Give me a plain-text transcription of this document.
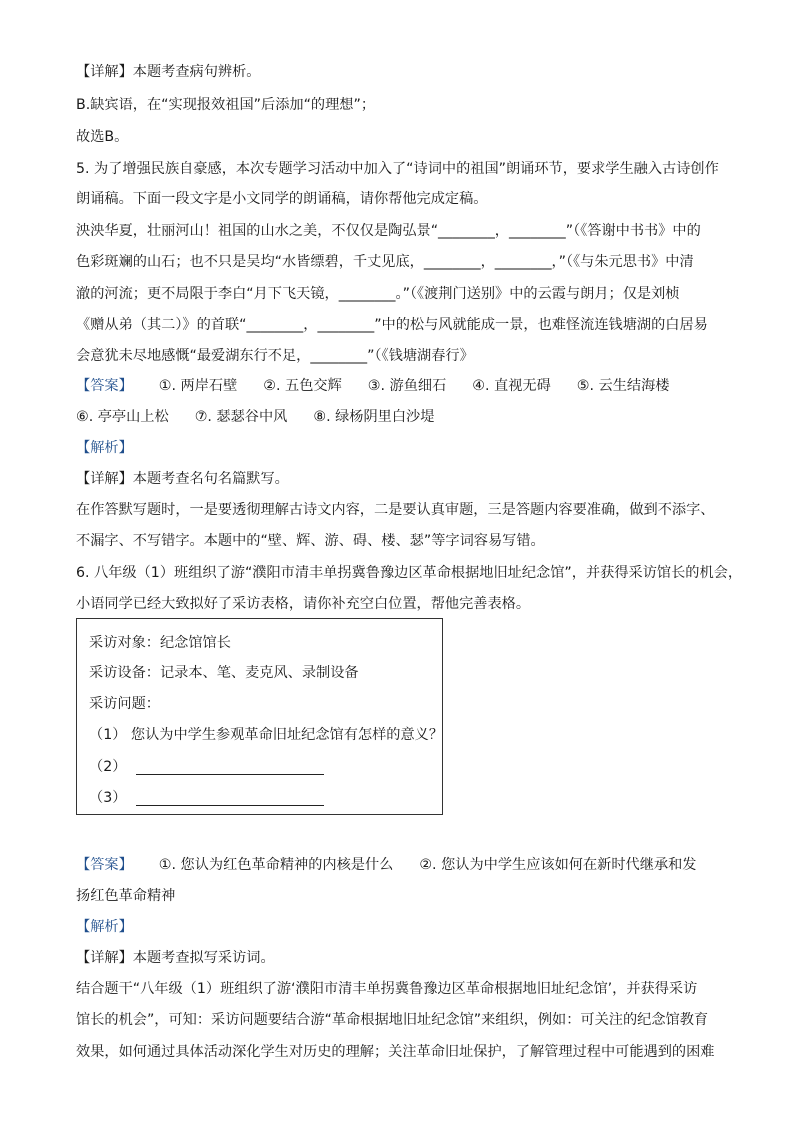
【详解】本题考查病句辨析。
B.缺宾语，在“实现报效祖国”后添加“的理想”；
故选B。
5. 为了增强民族自豪感，本次专题学习活动中加入了“诗词中的祖国”朗诵环节，要求学生融入古诗创作
朗诵稿。下面一段文字是小文同学的朗诵稿，请你帮他完成定稿。
泱泱华夏，壮丽河山！祖国的山水之美，不仅仅是陶弘景“________，________”（《答谢中书书》中的
色彩斑斓的山石；也不只是吴均“水皆缥碧，千丈见底，________，________，”（《与朱元思书》中清
澈的河流；更不局限于李白“月下飞天镜，________。”（《渡荆门送别》中的云霞与朗月；仅是刘桢
《赠从弟（其二）》的首联“________，________”中的松与风就能成一景，也难怪流连钱塘湖的白居易
会意犹未尽地感慨“最爱湖东行不足，________”（《钱塘湖春行》
【答案】 ①. 两岸石壁 ②. 五色交辉 ③. 游鱼细石 ④. 直视无碍 ⑤. 云生结海楼
⑥. 亭亭山上松 ⑦. 瑟瑟谷中风 ⑧. 绿杨阴里白沙堤
【解析】
【详解】本题考查名句名篇默写。
在作答默写题时，一是要透彻理解古诗文内容，二是要认真审题，三是答题内容要准确，做到不添字、
不漏字、不写错字。本题中的“壁、辉、游、碍、楼、瑟”等字词容易写错。
6. 八年级（1）班组织了游“濮阳市清丰单拐冀鲁豫边区革命根据地旧址纪念馆”，并获得采访馆长的机会，
小语同学已经大致拟好了采访表格，请你补充空白位置，帮他完善表格。
采访对象：纪念馆馆长
采访设备：记录本、笔、麦克风、录制设备
采访问题：
（1） 您认为中学生参观革命旧址纪念馆有怎样的意义？
（2）
（3）
【答案】 ①. 您认为红色革命精神的内核是什么 ②. 您认为中学生应该如何在新时代继承和发
扬红色革命精神
【解析】
【详解】本题考查拟写采访词。
结合题干“八年级（1）班组织了游‘濮阳市清丰单拐冀鲁豫边区革命根据地旧址纪念馆’，并获得采访
馆长的机会”，可知：采访问题要结合游“革命根据地旧址纪念馆”来组织，例如：可关注的纪念馆教育
效果，如何通过具体活动深化学生对历史的理解；关注革命旧址保护，了解管理过程中可能遇到的困难
